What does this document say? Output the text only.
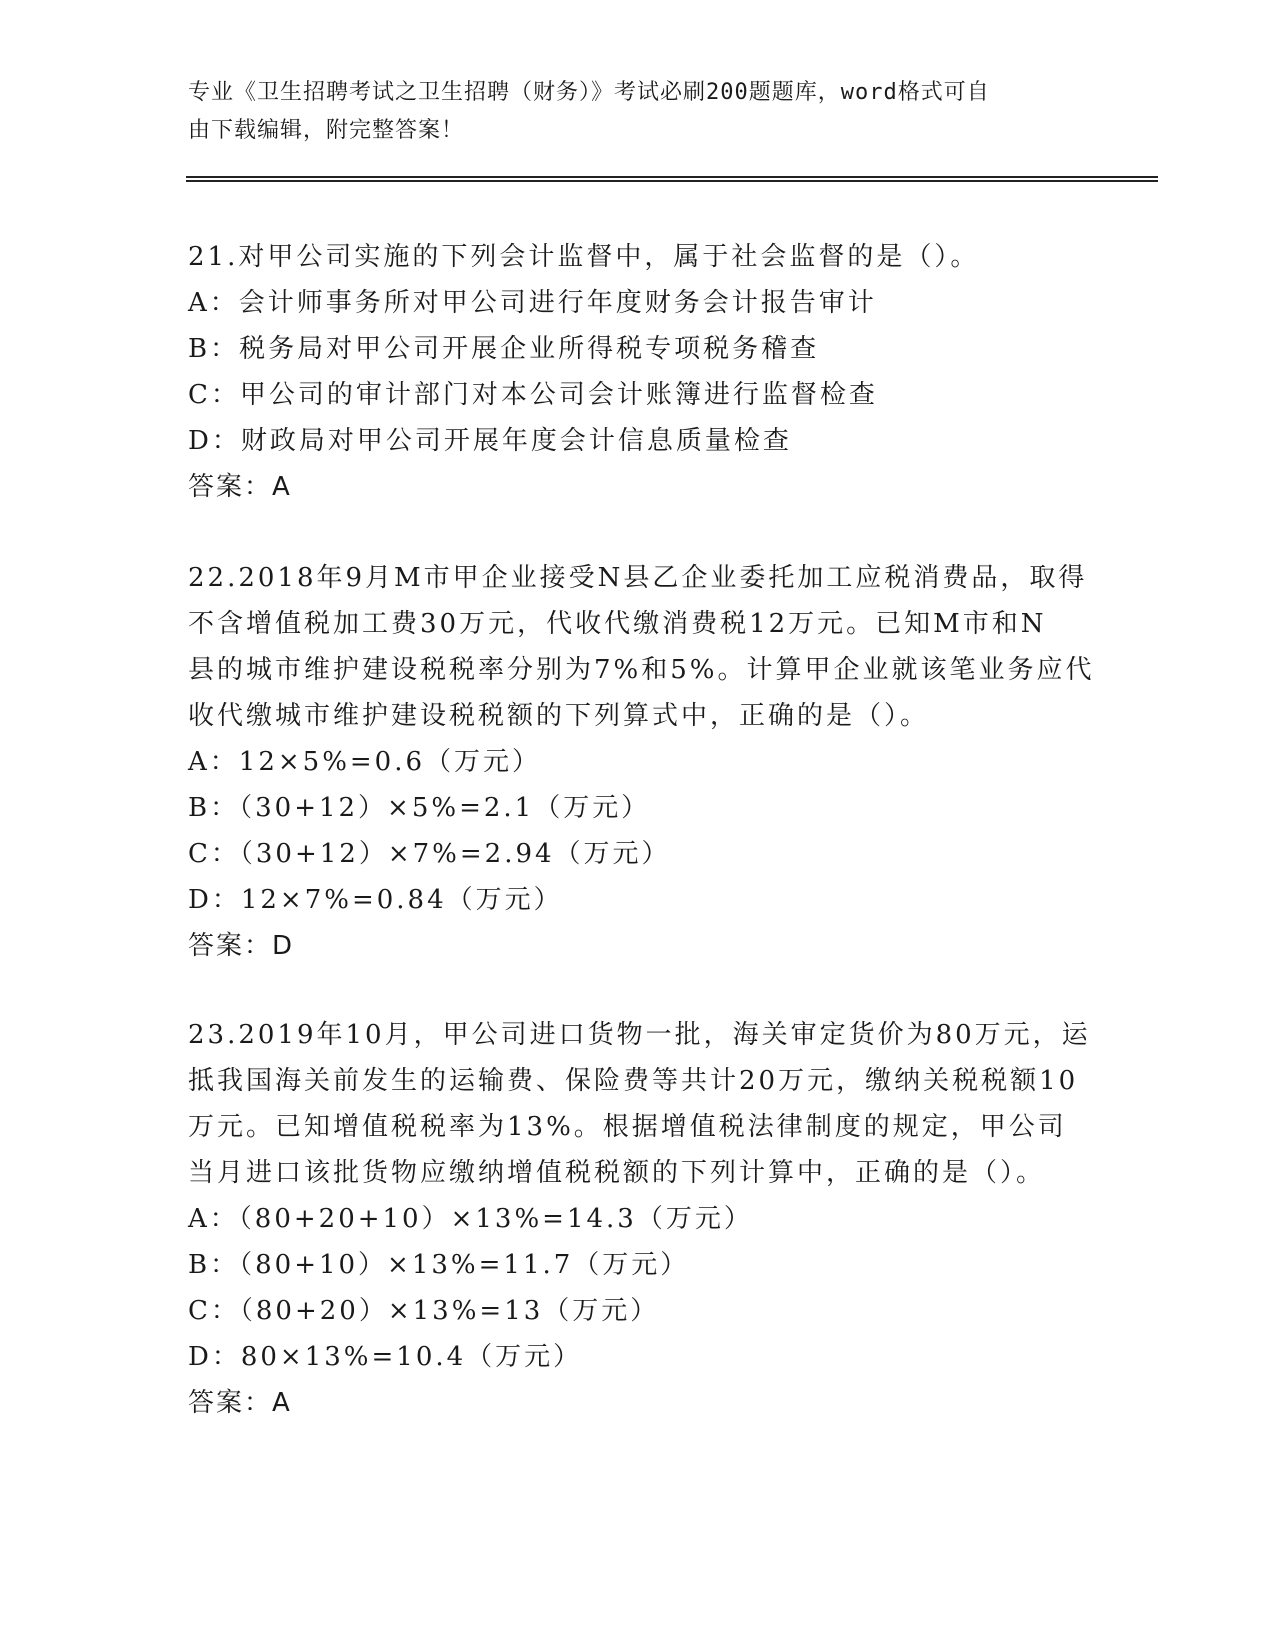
专业《卫生招聘考试之卫生招聘（财务）》考试必刷200题题库，word格式可自
由下载编辑，附完整答案！
21.对甲公司实施的下列会计监督中，属于社会监督的是（）。
A：会计师事务所对甲公司进行年度财务会计报告审计
B：税务局对甲公司开展企业所得税专项税务稽查
C：甲公司的审计部门对本公司会计账簿进行监督检查
D：财政局对甲公司开展年度会计信息质量检查
答案：A
22.2018年9月M市甲企业接受N县乙企业委托加工应税消费品，取得
不含增值税加工费30万元，代收代缴消费税12万元。已知M市和N
县的城市维护建设税税率分别为7%和5%。计算甲企业就该笔业务应代
收代缴城市维护建设税税额的下列算式中，正确的是（）。
A：12×5%=0.6（万元）
B：（30+12）×5%=2.1（万元）
C：（30+12）×7%=2.94（万元）
D：12×7%=0.84（万元）
答案：D
23.2019年10月，甲公司进口货物一批，海关审定货价为80万元，运
抵我国海关前发生的运输费、保险费等共计20万元，缴纳关税税额10
万元。已知增值税税率为13%。根据增值税法律制度的规定，甲公司
当月进口该批货物应缴纳增值税税额的下列计算中，正确的是（）。
A：（80+20+10）×13%=14.3（万元）
B：（80+10）×13%=11.7（万元）
C：（80+20）×13%=13（万元）
D：80×13%=10.4（万元）
答案：A
